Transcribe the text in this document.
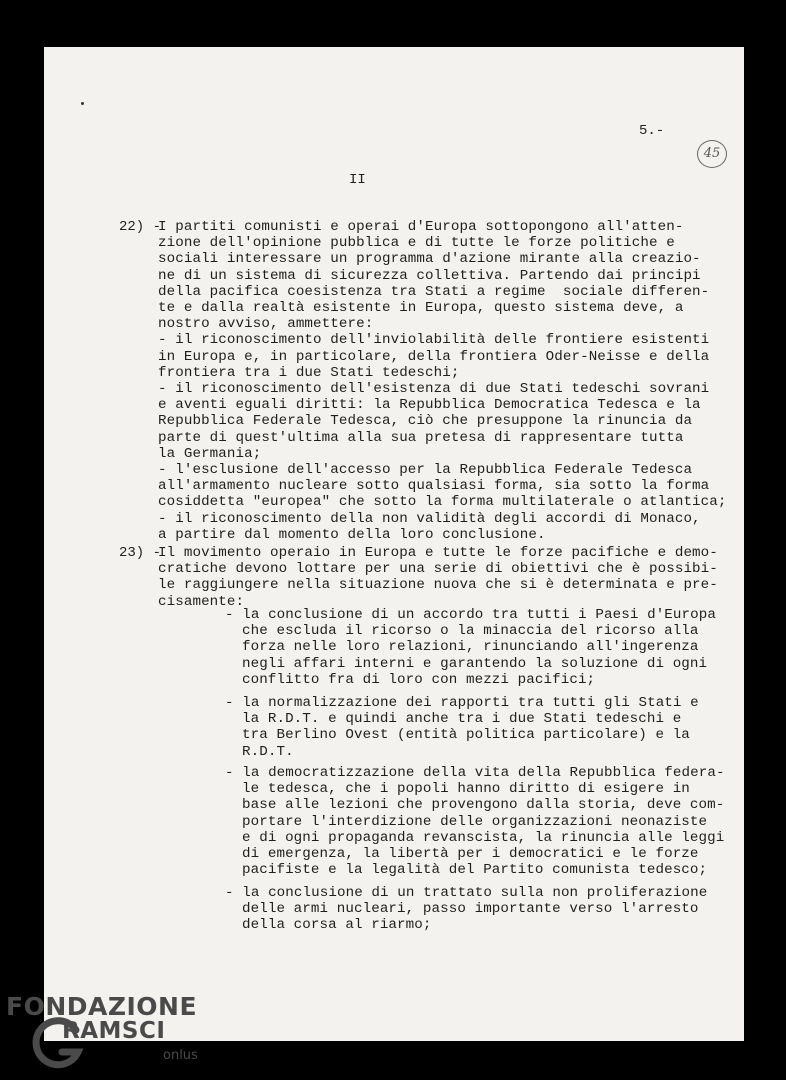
45
5.-
II
22) -
I partiti comunisti e operai d'Europa sottopongono all'atten-
zione dell'opinione pubblica e di tutte le forze politiche e
sociali interessare un programma d'azione mirante alla creazio-
ne di un sistema di sicurezza collettiva. Partendo dai principi
della pacifica coesistenza tra Stati a regime  sociale differen-
te e dalla realtà esistente in Europa, questo sistema deve, a
nostro avviso, ammettere:
- il riconoscimento dell'inviolabilità delle frontiere esistenti
in Europa e, in particolare, della frontiera Oder-Neisse e della
frontiera tra i due Stati tedeschi;
- il riconoscimento dell'esistenza di due Stati tedeschi sovrani
e aventi eguali diritti: la Repubblica Democratica Tedesca e la
Repubblica Federale Tedesca, ciò che presuppone la rinuncia da
parte di quest'ultima alla sua pretesa di rappresentare tutta
la Germania;
- l'esclusione dell'accesso per la Repubblica Federale Tedesca
all'armamento nucleare sotto qualsiasi forma, sia sotto la forma
cosiddetta "europea" che sotto la forma multilaterale o atlantica;
- il riconoscimento della non validità degli accordi di Monaco,
a partire dal momento della loro conclusione.
23) -
Il movimento operaio in Europa e tutte le forze pacifiche e demo-
cratiche devono lottare per una serie di obiettivi che è possibi-
le raggiungere nella situazione nuova che si è determinata e pre-
cisamente:
- la conclusione di un accordo tra tutti i Paesi d'Europa
che escluda il ricorso o la minaccia del ricorso alla
forza nelle loro relazioni, rinunciando all'ingerenza
negli affari interni e garantendo la soluzione di ogni
conflitto fra di loro con mezzi pacifici;
- la normalizzazione dei rapporti tra tutti gli Stati e
la R.D.T. e quindi anche tra i due Stati tedeschi e
tra Berlino Ovest (entità politica particolare) e la
R.D.T.
- la democratizzazione della vita della Repubblica federa-
le tedesca, che i popoli hanno diritto di esigere in
base alle lezioni che provengono dalla storia, deve com-
portare l'interdizione delle organizzazioni neonaziste
e di ogni propaganda revanscista, la rinuncia alle leggi
di emergenza, la libertà per i democratici e le forze
pacifiste e la legalità del Partito comunista tedesco;
- la conclusione di un trattato sulla non proliferazione
delle armi nucleari, passo importante verso l'arresto
della corsa al riarmo;
FONDAZIONE
RAMSCI
onlus
